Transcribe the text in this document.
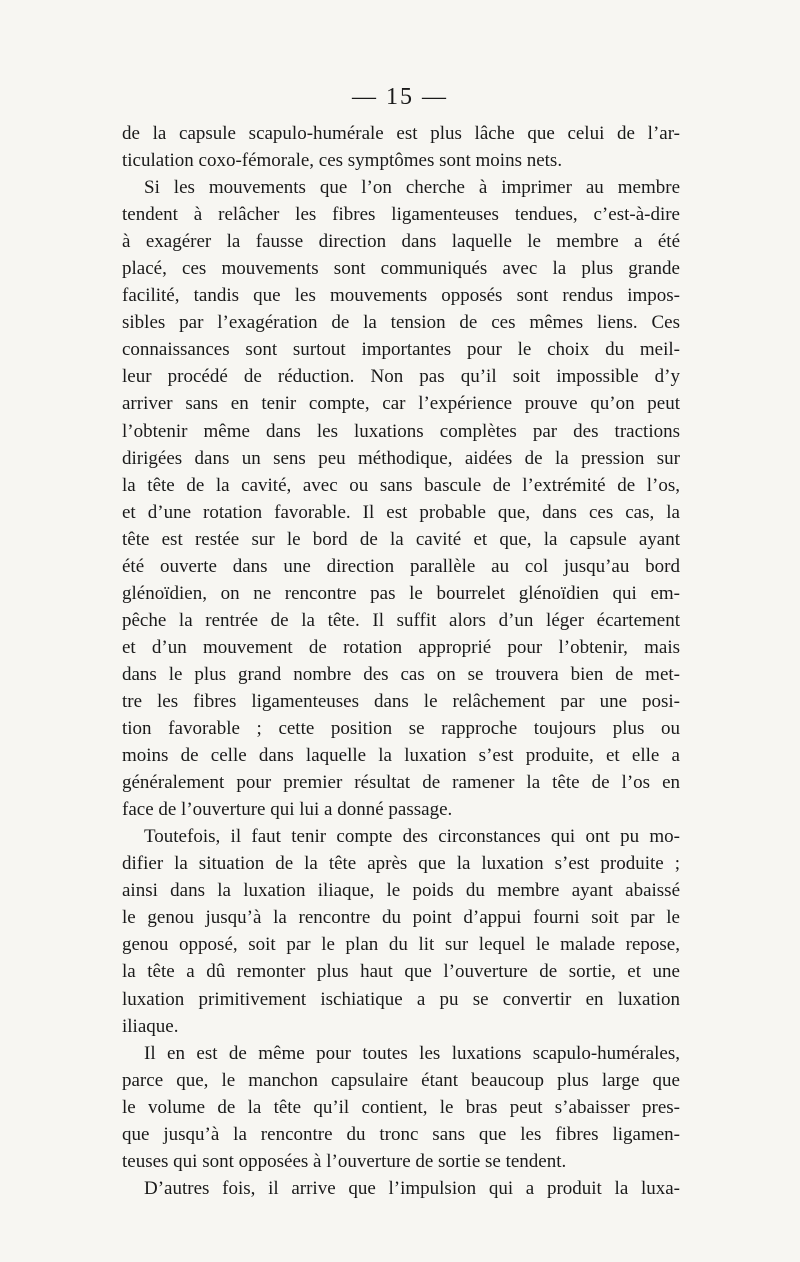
— 15 —
de la capsule scapulo-humérale est plus lâche que celui de l’ar-
ticulation coxo-fémorale, ces symptômes sont moins nets.
Si les mouvements que l’on cherche à imprimer au membre
tendent à relâcher les fibres ligamenteuses tendues, c’est-à-dire
à exagérer la fausse direction dans laquelle le membre a été
placé, ces mouvements sont communiqués avec la plus grande
facilité, tandis que les mouvements opposés sont rendus impos-
sibles par l’exagération de la tension de ces mêmes liens. Ces
connaissances sont surtout importantes pour le choix du meil-
leur procédé de réduction. Non pas qu’il soit impossible d’y
arriver sans en tenir compte, car l’expérience prouve qu’on peut
l’obtenir même dans les luxations complètes par des tractions
dirigées dans un sens peu méthodique, aidées de la pression sur
la tête de la cavité, avec ou sans bascule de l’extrémité de l’os,
et d’une rotation favorable. Il est probable que, dans ces cas, la
tête est restée sur le bord de la cavité et que, la capsule ayant
été ouverte dans une direction parallèle au col jusqu’au bord
glénoïdien, on ne rencontre pas le bourrelet glénoïdien qui em-
pêche la rentrée de la tête. Il suffit alors d’un léger écartement
et d’un mouvement de rotation approprié pour l’obtenir, mais
dans le plus grand nombre des cas on se trouvera bien de met-
tre les fibres ligamenteuses dans le relâchement par une posi-
tion favorable ; cette position se rapproche toujours plus ou
moins de celle dans laquelle la luxation s’est produite, et elle a
généralement pour premier résultat de ramener la tête de l’os en
face de l’ouverture qui lui a donné passage.
Toutefois, il faut tenir compte des circonstances qui ont pu mo-
difier la situation de la tête après que la luxation s’est produite ;
ainsi dans la luxation iliaque, le poids du membre ayant abaissé
le genou jusqu’à la rencontre du point d’appui fourni soit par le
genou opposé, soit par le plan du lit sur lequel le malade repose,
la tête a dû remonter plus haut que l’ouverture de sortie, et une
luxation primitivement ischiatique a pu se convertir en luxation
iliaque.
Il en est de même pour toutes les luxations scapulo-humérales,
parce que, le manchon capsulaire étant beaucoup plus large que
le volume de la tête qu’il contient, le bras peut s’abaisser pres-
que jusqu’à la rencontre du tronc sans que les fibres ligamen-
teuses qui sont opposées à l’ouverture de sortie se tendent.
D’autres fois, il arrive que l’impulsion qui a produit la luxa-
